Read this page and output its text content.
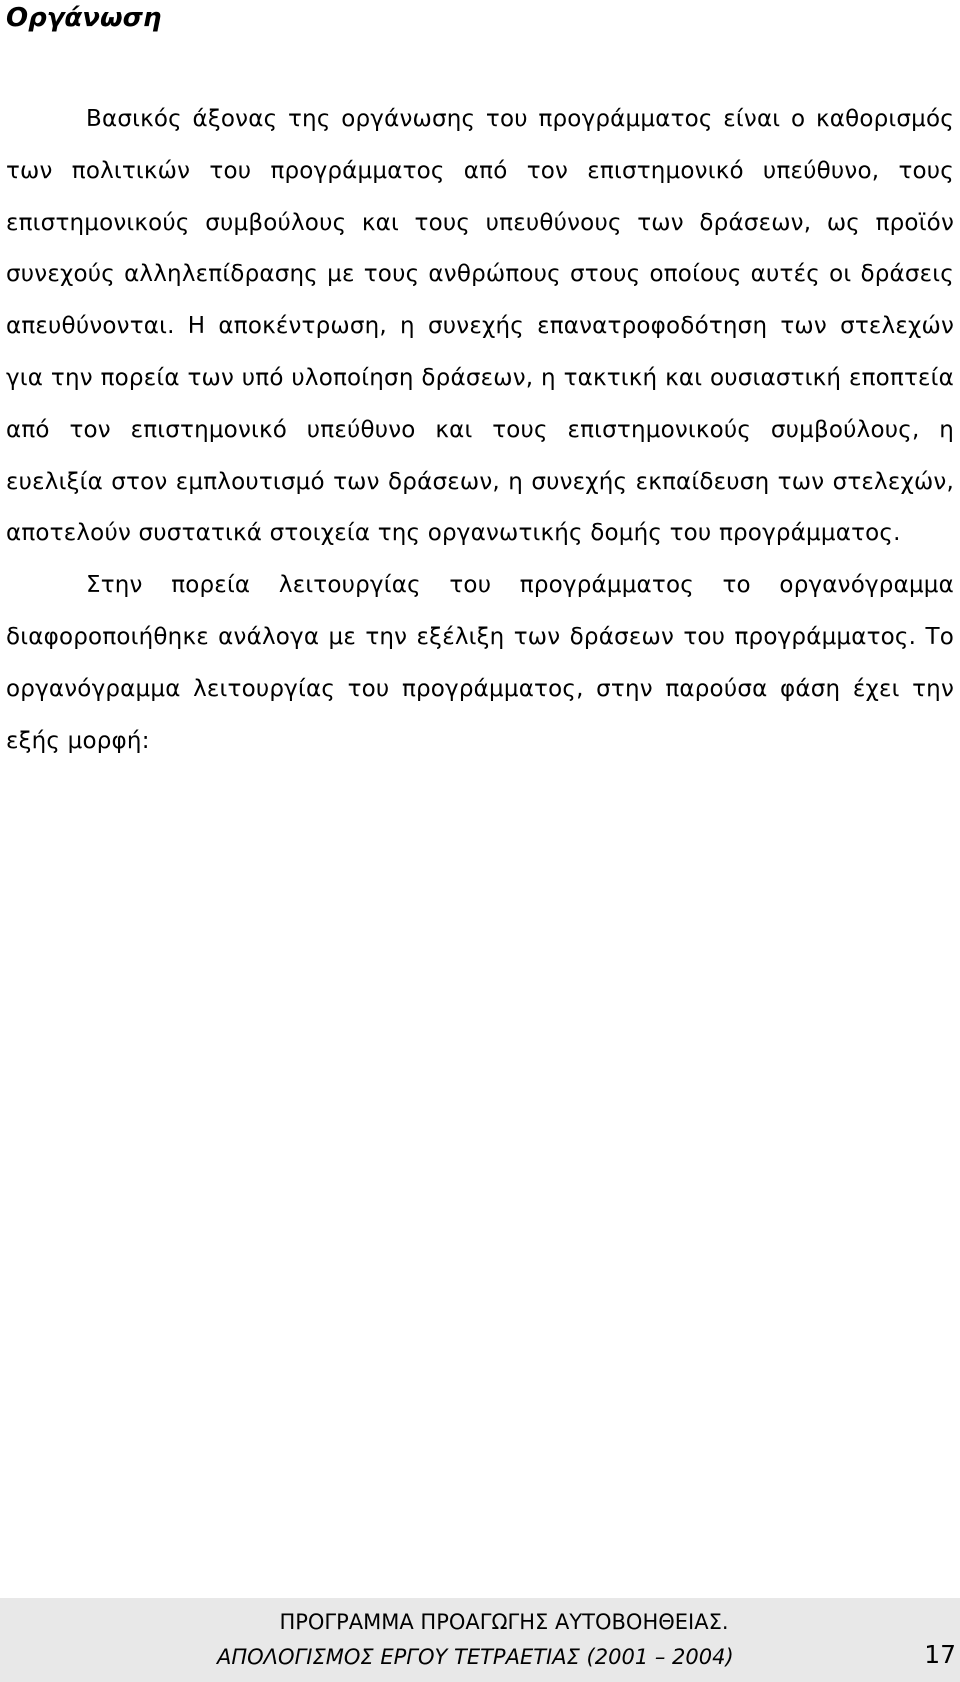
Οργάνωση

Βασικός άξονας της οργάνωσης του προγράμματος είναι ο καθορισμός των πολιτικών του προγράμματος από τον επιστημονικό υπεύθυνο, τους επιστημονικούς συμβούλους και τους υπευθύνους των δράσεων, ως προϊόν συνεχούς αλληλεπίδρασης με τους ανθρώπους στους οποίους αυτές οι δράσεις απευθύνονται. Η αποκέντρωση, η συνεχής επανατροφοδότηση των στελεχών για την πορεία των υπό υλοποίηση δράσεων, η τακτική και ουσιαστική εποπτεία από τον επιστημονικό υπεύθυνο και τους επιστημονικούς συμβούλους, η ευελιξία στον εμπλουτισμό των δράσεων, η συνεχής εκπαίδευση των στελεχών, αποτελούν συστατικά στοιχεία της οργανωτικής δομής του προγράμματος.

Στην πορεία λειτουργίας του προγράμματος το οργανόγραμμα διαφοροποιήθηκε ανάλογα με την εξέλιξη των δράσεων του προγράμματος. Το οργανόγραμμα λειτουργίας του προγράμματος, στην παρούσα φάση έχει την εξής μορφή:

ΠΡΟΓΡΑΜΜΑ ΠΡΟΑΓΩΓΗΣ ΑΥΤΟΒΟΗΘΕΙΑΣ.
ΑΠΟΛΟΓΙΣΜΟΣ ΕΡΓΟΥ ΤΕΤΡΑΕΤΙΑΣ (2001 – 2004)	17
